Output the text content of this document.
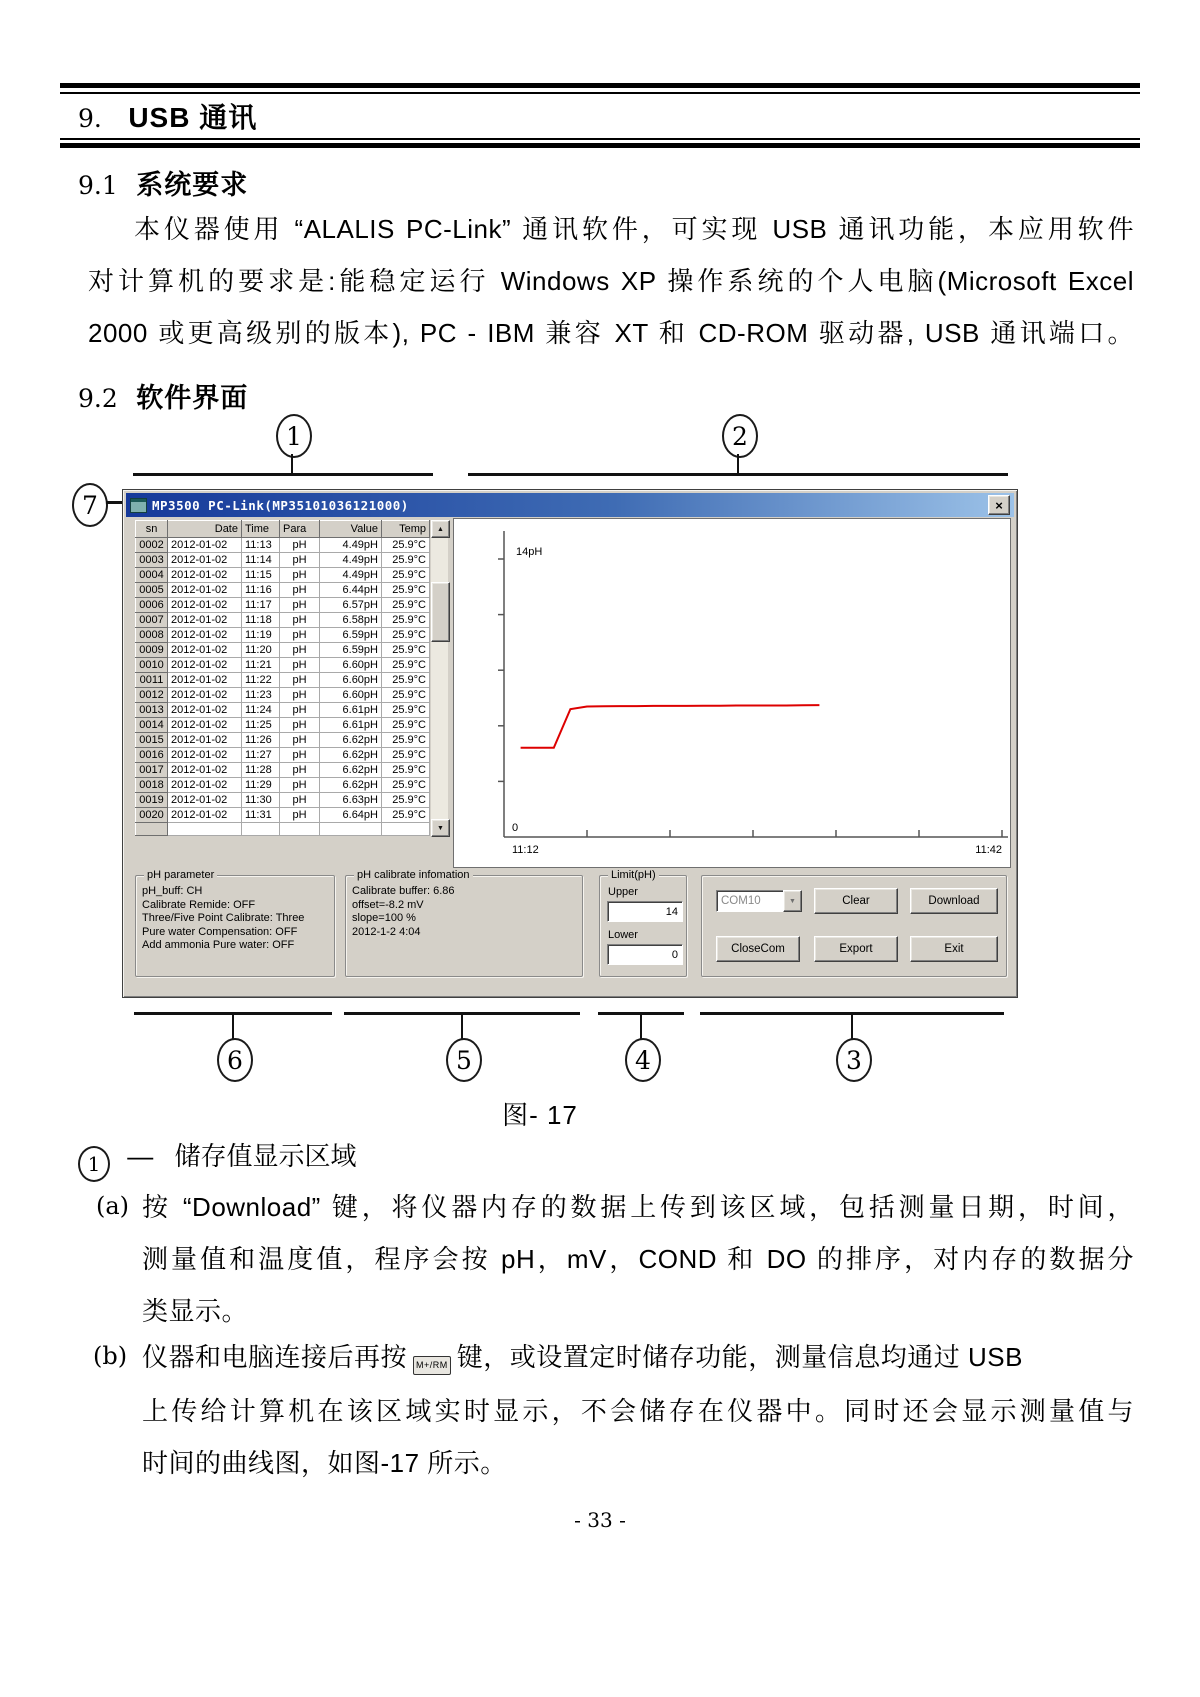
9. USB 通讯
9.1 系统要求
本仪器使用 “ALALIS PC-Link” 通讯软件，可实现 USB 通讯功能，本应用软件
对计算机的要求是:能稳定运行 Windows XP 操作系统的个人电脑(Microsoft Excel
2000 或更高级别的版本), PC - IBM 兼容 XT 和 CD-ROM 驱动器, USB 通讯端口。
9.2 软件界面
1	2
7	MP3500 PC-Link(MP35101036121000)	×
sn	Date	Time	Para	Value	Temp
0002	2012-01-02	11:13	pH	4.49pH	25.9°C
0003	2012-01-02	11:14	pH	4.49pH	25.9°C
0004	2012-01-02	11:15	pH	4.49pH	25.9°C
0005	2012-01-02	11:16	pH	6.44pH	25.9°C
0006	2012-01-02	11:17	pH	6.57pH	25.9°C
0007	2012-01-02	11:18	pH	6.58pH	25.9°C
0008	2012-01-02	11:19	pH	6.59pH	25.9°C
0009	2012-01-02	11:20	pH	6.59pH	25.9°C
0010	2012-01-02	11:21	pH	6.60pH	25.9°C
0011	2012-01-02	11:22	pH	6.60pH	25.9°C
0012	2012-01-02	11:23	pH	6.60pH	25.9°C
0013	2012-01-02	11:24	pH	6.61pH	25.9°C
0014	2012-01-02	11:25	pH	6.61pH	25.9°C
0015	2012-01-02	11:26	pH	6.62pH	25.9°C
0016	2012-01-02	11:27	pH	6.62pH	25.9°C
0017	2012-01-02	11:28	pH	6.62pH	25.9°C
0018	2012-01-02	11:29	pH	6.62pH	25.9°C
0019	2012-01-02	11:30	pH	6.63pH	25.9°C
0020	2012-01-02	11:31	pH	6.64pH	25.9°C

▲
▼
14pH
0
11:12	11:42
pH parameter
pH_buff: CH
Calibrate Remide: OFF
Three/Five Point Calibrate: Three
Pure water Compensation: OFF
Add ammonia Pure water: OFF
pH calibrate infomation
Calibrate buffer: 6.86
offset=-8.2 mV
slope=100 %
2012-1-2 4:04
Limit(pH)
Upper
14
Lower
0
COM10	▼	Clear	Download
CloseCom	Export	Exit
6	5	4	3
图- 17
1 — 储存值显示区域
(a) 按 “Download” 键，将仪器内存的数据上传到该区域，包括测量日期，时间，
测量值和温度值，程序会按 pH，mV，COND 和 DO 的排序，对内存的数据分
类显示。
(b) 仪器和电脑连接后再按 M+/RM 键，或设置定时储存功能，测量信息均通过 USB
上传给计算机在该区域实时显示，不会储存在仪器中。同时还会显示测量值与
时间的曲线图，如图-17 所示。
- 33 -
